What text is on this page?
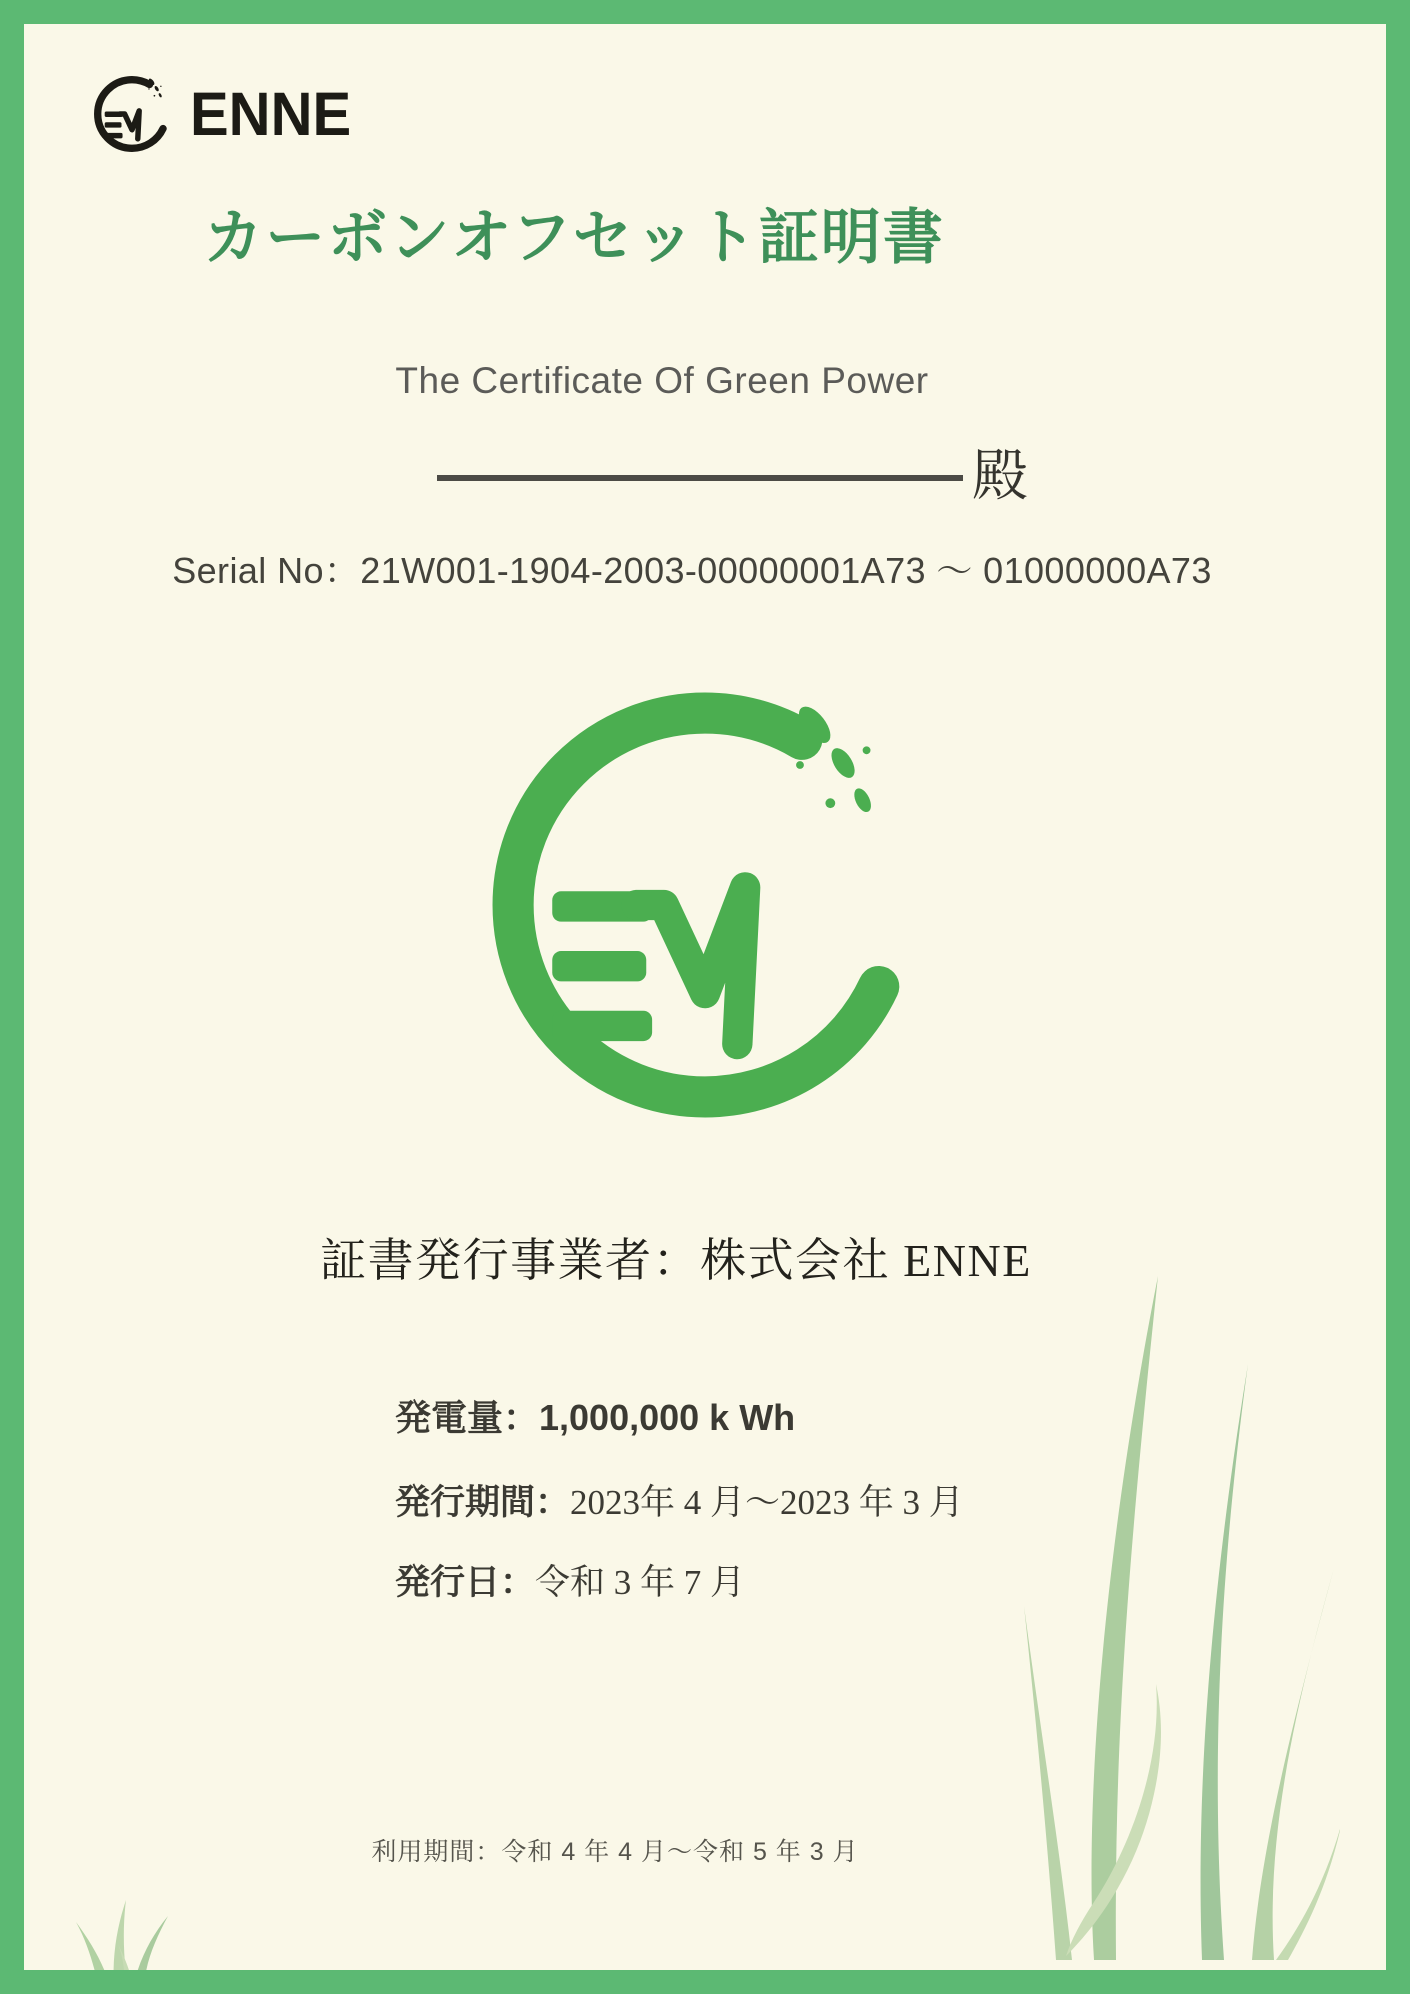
ENNE
カーボンオフセット証明書
The Certificate Of Green Power
殿
Serial No：21W001-1904-2003-00000001A73 ～ 01000000A73
証書発行事業者：株式会社 ENNE
発電量：1,000,000 k Wh
発行期間：2023年 4 月～2023 年 3 月
発行日：令和 3 年 7 月
利用期間：令和 4 年 4 月～令和 5 年 3 月
